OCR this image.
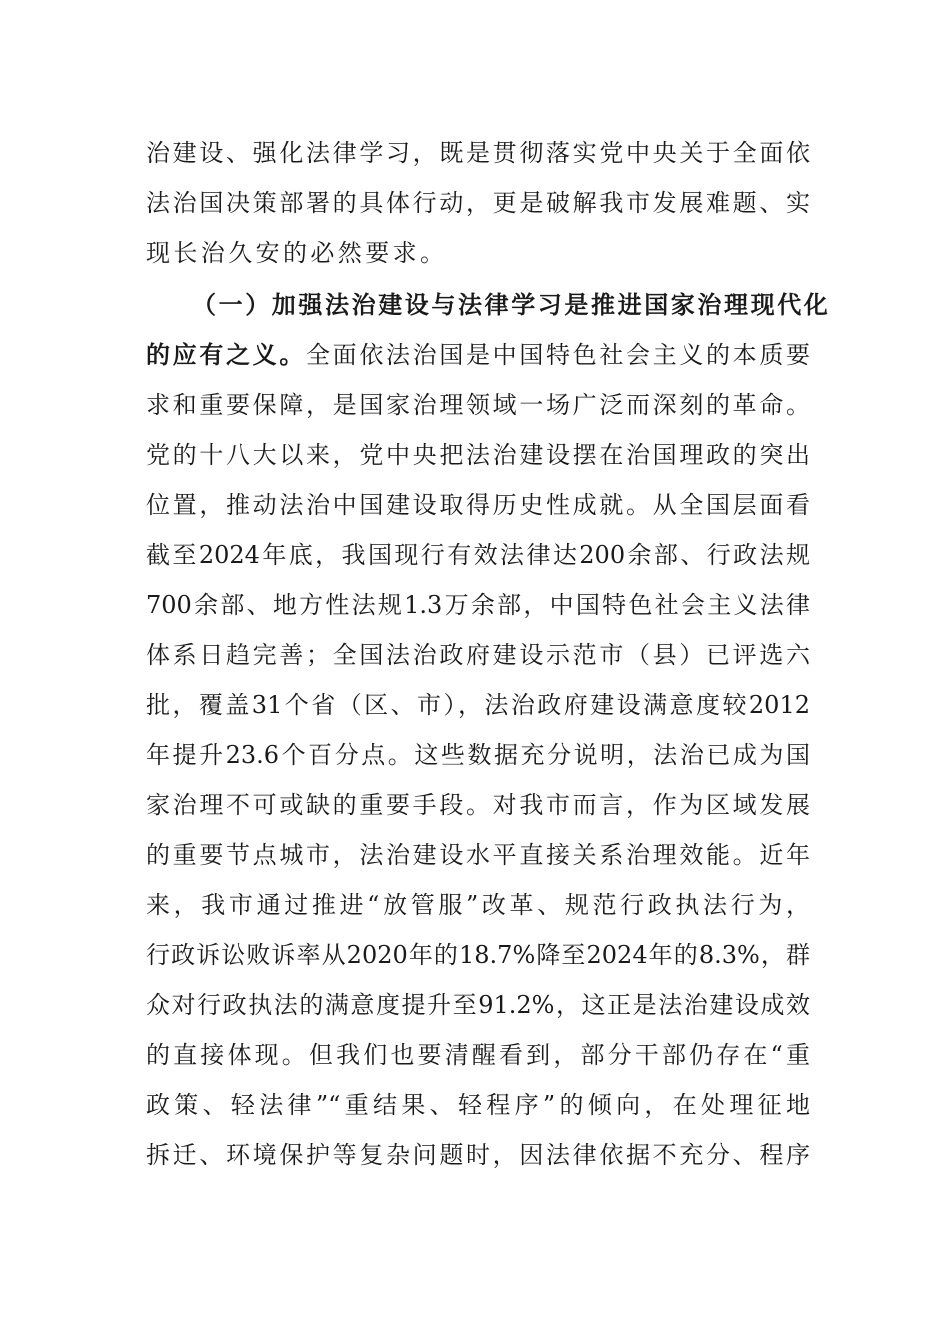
治建设、强化法律学习，既是贯彻落实党中央关于全面依
法治国决策部署的具体行动，更是破解我市发展难题、实
现长治久安的必然要求。
（一）加强法治建设与法律学习是推进国家治理现代化
的应有之义。全面依法治国是中国特色社会主义的本质要
求和重要保障，是国家治理领域一场广泛而深刻的革命。
党的十八大以来，党中央把法治建设摆在治国理政的突出
位置，推动法治中国建设取得历史性成就。从全国层面看
截至2024年底，我国现行有效法律达200余部、行政法规
700余部、地方性法规1.3万余部，中国特色社会主义法律
体系日趋完善；全国法治政府建设示范市（县）已评选六
批，覆盖31个省（区、市），法治政府建设满意度较2012
年提升23.6个百分点。这些数据充分说明，法治已成为国
家治理不可或缺的重要手段。对我市而言，作为区域发展
的重要节点城市，法治建设水平直接关系治理效能。近年
来，我市通过推进“放管服”改革、规范行政执法行为，
行政诉讼败诉率从2020年的18.7%降至2024年的8.3%，群
众对行政执法的满意度提升至91.2%，这正是法治建设成效
的直接体现。但我们也要清醒看到，部分干部仍存在“重
政策、轻法律”“重结果、轻程序”的倾向，在处理征地
拆迁、环境保护等复杂问题时，因法律依据不充分、程序
